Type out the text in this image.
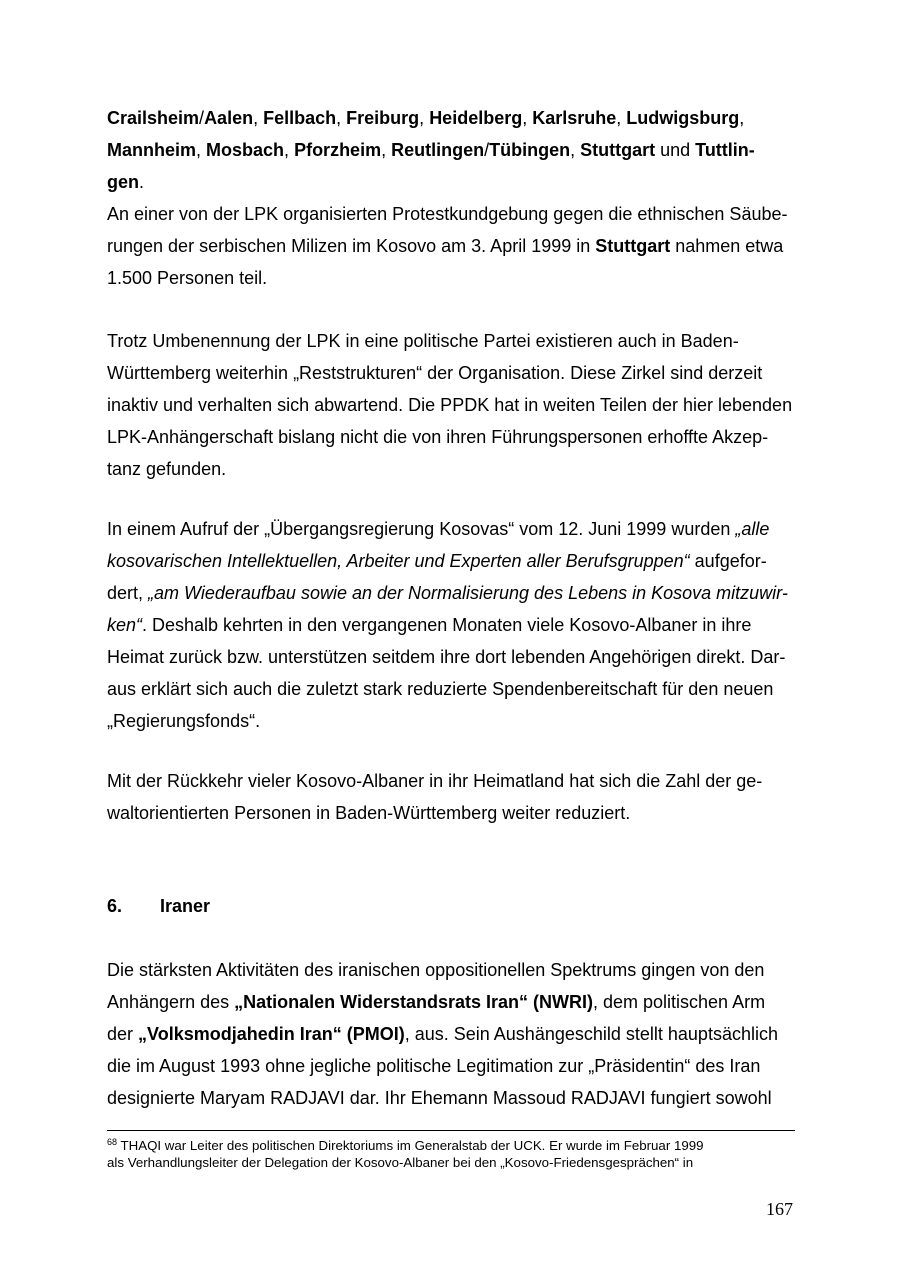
Crailsheim/Aalen, Fellbach, Freiburg, Heidelberg, Karlsruhe, Ludwigsburg,
Mannheim, Mosbach, Pforzheim, Reutlingen/Tübingen, Stuttgart und Tuttlin-
gen.
An einer von der LPK organisierten Protestkundgebung gegen die ethnischen Säube-
rungen der serbischen Milizen im Kosovo am 3. April 1999 in Stuttgart nahmen etwa
1.500 Personen teil.
Trotz Umbenennung der LPK in eine politische Partei existieren auch in Baden-
Württemberg weiterhin „Reststrukturen“ der Organisation. Diese Zirkel sind derzeit
inaktiv und verhalten sich abwartend. Die PPDK hat in weiten Teilen der hier lebenden
LPK-Anhängerschaft bislang nicht die von ihren Führungspersonen erhoffte Akzep-
tanz gefunden.
In einem Aufruf der „Übergangsregierung Kosovas“ vom 12. Juni 1999 wurden „alle
kosovarischen Intellektuellen, Arbeiter und Experten aller Berufsgruppen“ aufgefor-
dert, „am Wiederaufbau sowie an der Normalisierung des Lebens in Kosova mitzuwir-
ken“. Deshalb kehrten in den vergangenen Monaten viele Kosovo-Albaner in ihre
Heimat zurück bzw. unterstützen seitdem ihre dort lebenden Angehörigen direkt. Dar-
aus erklärt sich auch die zuletzt stark reduzierte Spendenbereitschaft für den neuen
„Regierungsfonds“.
Mit der Rückkehr vieler Kosovo-Albaner in ihr Heimatland hat sich die Zahl der ge-
waltorientierten Personen in Baden-Württemberg weiter reduziert.
6. Iraner
Die stärksten Aktivitäten des iranischen oppositionellen Spektrums gingen von den
Anhängern des „Nationalen Widerstandsrats Iran“ (NWRI), dem politischen Arm
der „Volksmodjahedin Iran“ (PMOI), aus. Sein Aushängeschild stellt hauptsächlich
die im August 1993 ohne jegliche politische Legitimation zur „Präsidentin“ des Iran
designierte Maryam RADJAVI dar. Ihr Ehemann Massoud RADJAVI fungiert sowohl
$^{68}$ THAQI war Leiter des politischen Direktoriums im Generalstab der UCK. Er wurde im Februar 1999
als Verhandlungsleiter der Delegation der Kosovo-Albaner bei den „Kosovo-Friedensgesprächen“ in
167
